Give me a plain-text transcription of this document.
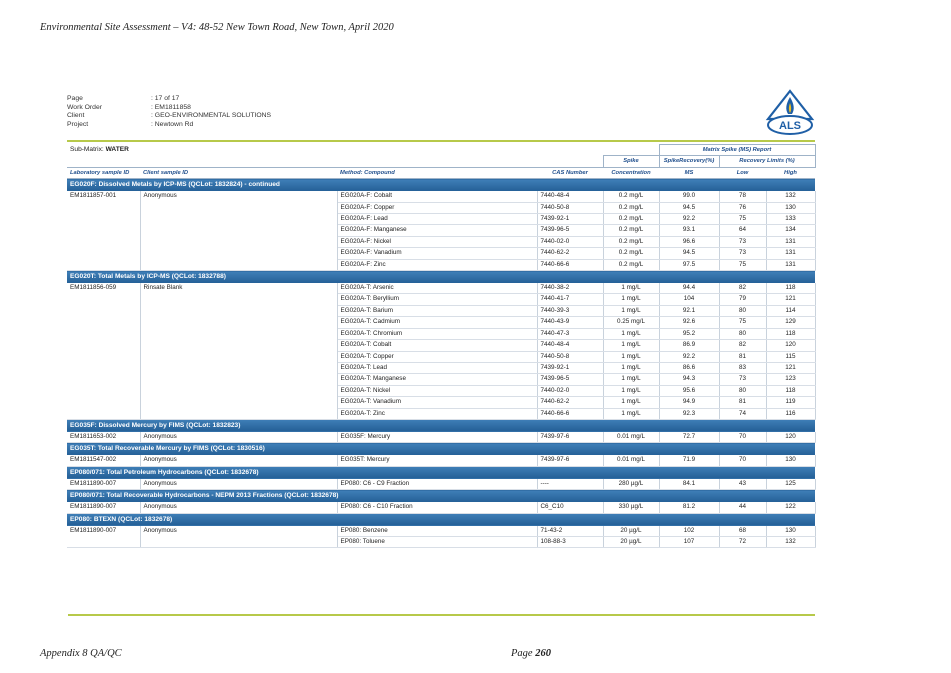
Environmental Site Assessment – V4: 48-52 New Town Road, New Town, April 2020
Page	: 17 of 17
Work Order	: EM1811858
Client	: GEO-ENVIRONMENTAL SOLUTIONS
Project	: Newtown Rd	ALS
Sub-Matrix: WATER					Matrix Spike (MS) Report		
				Spike	SpikeRecovery(%)	Recovery Limits (%)	
Laboratory sample ID	Client sample ID	Method: Compound	CAS Number	Concentration	MS	Low	High
EG020F: Dissolved Metals by ICP-MS (QCLot: 1832824) - continued							
EM1811857-001	Anonymous	EG020A-F: Cobalt	7440-48-4	0.2 mg/L	99.0	78	132
		EG020A-F: Copper	7440-50-8	0.2 mg/L	94.5	76	130
		EG020A-F: Lead	7439-92-1	0.2 mg/L	92.2	75	133
		EG020A-F: Manganese	7439-96-5	0.2 mg/L	93.1	64	134
		EG020A-F: Nickel	7440-02-0	0.2 mg/L	96.6	73	131
		EG020A-F: Vanadium	7440-62-2	0.2 mg/L	94.5	73	131
		EG020A-F: Zinc	7440-66-6	0.2 mg/L	97.5	75	131
EG020T: Total Metals by ICP-MS (QCLot: 1832788)							
EM1811856-059	Rinsate Blank	EG020A-T: Arsenic	7440-38-2	1 mg/L	94.4	82	118
		EG020A-T: Beryllium	7440-41-7	1 mg/L	104	79	121
		EG020A-T: Barium	7440-39-3	1 mg/L	92.1	80	114
		EG020A-T: Cadmium	7440-43-9	0.25 mg/L	92.6	75	129
		EG020A-T: Chromium	7440-47-3	1 mg/L	95.2	80	118
		EG020A-T: Cobalt	7440-48-4	1 mg/L	86.9	82	120
		EG020A-T: Copper	7440-50-8	1 mg/L	92.2	81	115
		EG020A-T: Lead	7439-92-1	1 mg/L	86.6	83	121
		EG020A-T: Manganese	7439-96-5	1 mg/L	94.3	73	123
		EG020A-T: Nickel	7440-02-0	1 mg/L	95.6	80	118
		EG020A-T: Vanadium	7440-62-2	1 mg/L	94.9	81	119
		EG020A-T: Zinc	7440-66-6	1 mg/L	92.3	74	116
EG035F: Dissolved Mercury by FIMS (QCLot: 1832823)							
EM1811653-002	Anonymous	EG035F: Mercury	7439-97-6	0.01 mg/L	72.7	70	120
EG035T: Total Recoverable Mercury by FIMS (QCLot: 1830516)							
EM1811547-002	Anonymous	EG035T: Mercury	7439-97-6	0.01 mg/L	71.9	70	130
EP080/071: Total Petroleum Hydrocarbons (QCLot: 1832678)							
EM1811890-007	Anonymous	EP080: C6 - C9 Fraction	----	280 µg/L	84.1	43	125
EP080/071: Total Recoverable Hydrocarbons - NEPM 2013 Fractions (QCLot: 1832678)							
EM1811890-007	Anonymous	EP080: C6 - C10 Fraction	C6_C10	330 µg/L	81.2	44	122
EP080: BTEXN (QCLot: 1832678)							
EM1811890-007	Anonymous	EP080: Benzene	71-43-2	20 µg/L	102	68	130
		EP080: Toluene	108-88-3	20 µg/L	107	72	132
Appendix 8 QA/QC	Page 260
